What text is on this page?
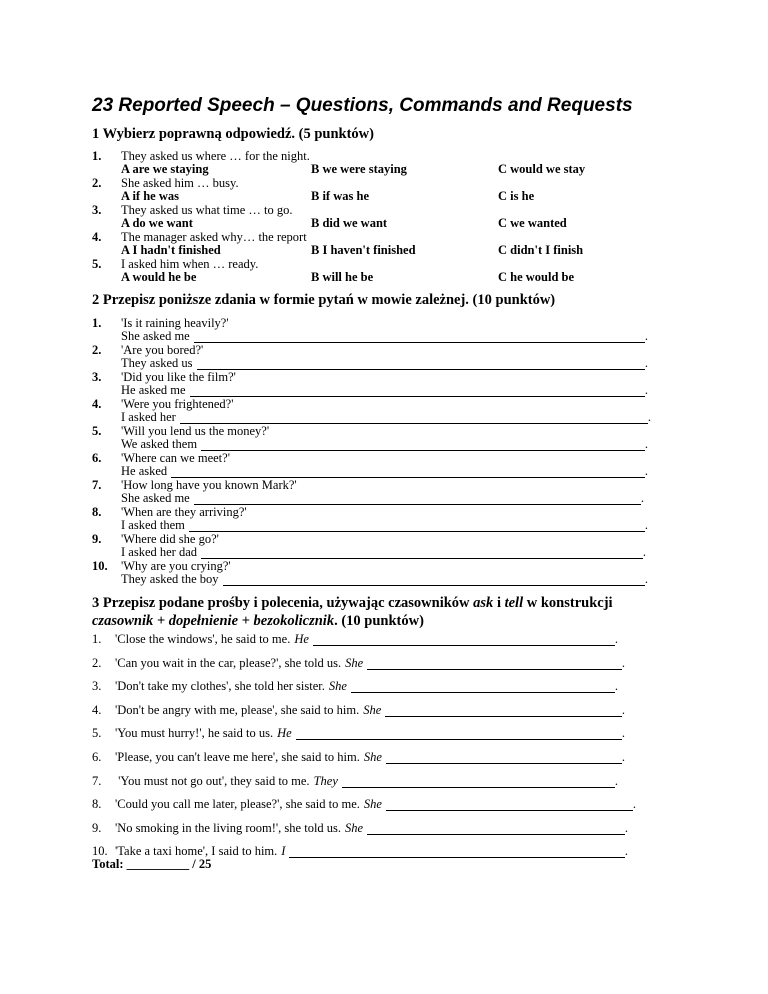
23 Reported Speech – Questions, Commands and Requests
1 Wybierz poprawną odpowiedź. (5 punktów)
1. They asked us where … for the night.
A are we staying	B we were staying	C would we stay
2. She asked him … busy.
A if he was	B if was he	C is he
3. They asked us what time … to go.
A do we want	B did we want	C we wanted
4. The manager asked why… the report
A I hadn't finished	B I haven't finished	C didn't I finish
5. I asked him when … ready.
A would he be	B will he be	C he would be
2 Przepisz poniższe zdania w formie pytań w mowie zależnej. (10 punktów)
1. 'Is it raining heavily?'
She asked me	.
2. 'Are you bored?'
They asked us	.
3. 'Did you like the film?'
He asked me	.
4. 'Were you frightened?'
I asked her	.
5. 'Will you lend us the money?'
We asked them	.
6. 'Where can we meet?'
He asked	.
7. 'How long have you known Mark?'
She asked me	.
8. 'When are they arriving?'
I asked them	.
9. 'Where did she go?'
I asked her dad	.
10. 'Why are you crying?'
They asked the boy	.
3 Przepisz podane prośby i polecenia, używając czasowników ask i tell w konstrukcji
czasownik + dopełnienie + bezokolicznik. (10 punktów)
1. 'Close the windows', he said to me. He	.
2. 'Can you wait in the car, please?', she told us. She	.
3. 'Don't take my clothes', she told her sister. She	.
4. 'Don't be angry with me, please', she said to him. She	.
5. 'You must hurry!', he said to us. He	.
6. 'Please, you can't leave me here', she said to him. She	.
7. 'You must not go out', they said to me. They	.
8. 'Could you call me later, please?', she said to me. She	.
9. 'No smoking in the living room!', she told us. She	.
10. 'Take a taxi home', I said to him. I	.
Total: __________ / 25
